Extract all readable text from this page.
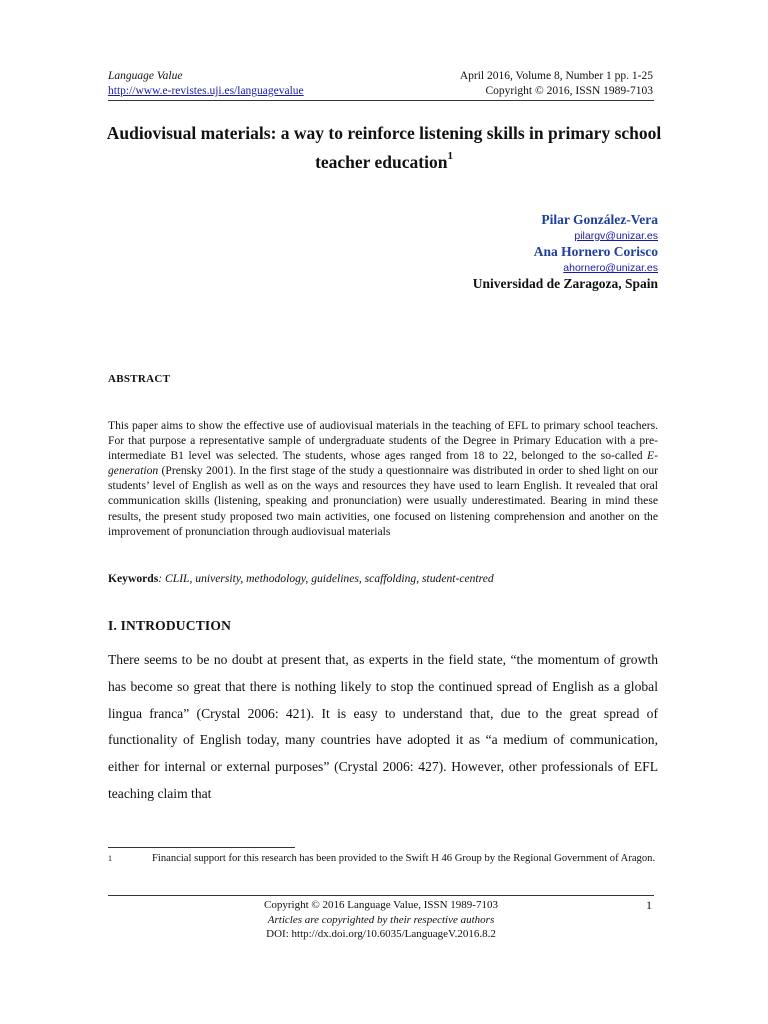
Language Value
http://www.e-revistes.uji.es/languagevalue
April 2016, Volume 8, Number 1 pp. 1-25
Copyright © 2016, ISSN 1989-7103
Audiovisual materials: a way to reinforce listening skills in primary school teacher education$^1$
Pilar González-Vera
pilargv@unizar.es
Ana Hornero Corisco
ahornero@unizar.es
Universidad de Zaragoza, Spain
ABSTRACT
This paper aims to show the effective use of audiovisual materials in the teaching of EFL to primary school teachers. For that purpose a representative sample of undergraduate students of the Degree in Primary Education with a pre-intermediate B1 level was selected. The students, whose ages ranged from 18 to 22, belonged to the so-called E-generation (Prensky 2001). In the first stage of the study a questionnaire was distributed in order to shed light on our students’ level of English as well as on the ways and resources they have used to learn English. It revealed that oral communication skills (listening, speaking and pronunciation) were usually underestimated. Bearing in mind these results, the present study proposed two main activities, one focused on listening comprehension and another on the improvement of pronunciation through audiovisual materials
Keywords: CLIL, university, methodology, guidelines, scaffolding, student-centred
I. INTRODUCTION
There seems to be no doubt at present that, as experts in the field state, “the momentum of growth has become so great that there is nothing likely to stop the continued spread of English as a global lingua franca” (Crystal 2006: 421). It is easy to understand that, due to the great spread of functionality of English today, many countries have adopted it as “a medium of communication, either for internal or external purposes” (Crystal 2006: 427). However, other professionals of EFL teaching claim that
$^1$	Financial support for this research has been provided to the Swift H 46 Group by the Regional Government of Aragon.
Copyright © 2016 Language Value, ISSN 1989-7103
Articles are copyrighted by their respective authors
DOI: http://dx.doi.org/10.6035/LanguageV.2016.8.2
1
